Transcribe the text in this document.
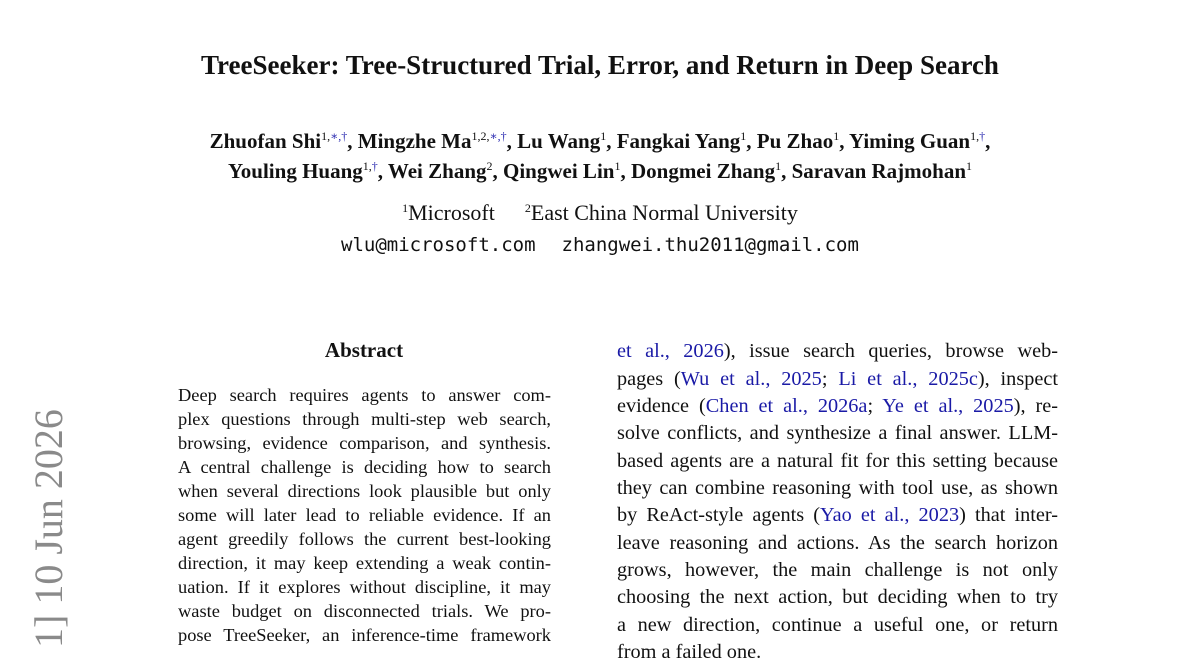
TreeSeeker: Tree-Structured Trial, Error, and Return in Deep Search
Zhuofan Shi$^{1,∗,\dagger}$, Mingzhe $Ma^{1,2,∗,\dagger}$, Lu Wang$^1$, Fangkai Yang$^1$, Pu Zhao$^1$, Yiming Guan$^{1,\dagger}$,
Youling Huang$^{1,\dagger}$, Wei Zhang$^2$, Qingwei Lin$^1$, Dongmei Zhang$^1$, Saravan Rajmohan$^1$
$^1$Microsoft	$^2$East China Normal University
wlu@microsoft.com zhangwei.thu2011@gmail.com
1] 10 Jun 2026
Abstract
Deep search requires agents to answer com-
plex questions through multi-step web search,
browsing, evidence comparison, and synthesis.
A central challenge is deciding how to search
when several directions look plausible but only
some will later lead to reliable evidence. If an
agent greedily follows the current best-looking
direction, it may keep extending a weak contin-
uation. If it explores without discipline, it may
waste budget on disconnected trials. We pro-
pose TreeSeeker, an inference-time framework
et al., 2026), issue search queries, browse web-
pages (Wu et al., 2025; Li et al., 2025c), inspect
evidence (Chen et al., 2026a; Ye et al., 2025), re-
solve conflicts, and synthesize a final answer. LLM-
based agents are a natural fit for this setting because
they can combine reasoning with tool use, as shown
by ReAct-style agents (Yao et al., 2023) that inter-
leave reasoning and actions. As the search horizon
grows, however, the main challenge is not only
choosing the next action, but deciding when to try
a new direction, continue a useful one, or return
from a failed one.
